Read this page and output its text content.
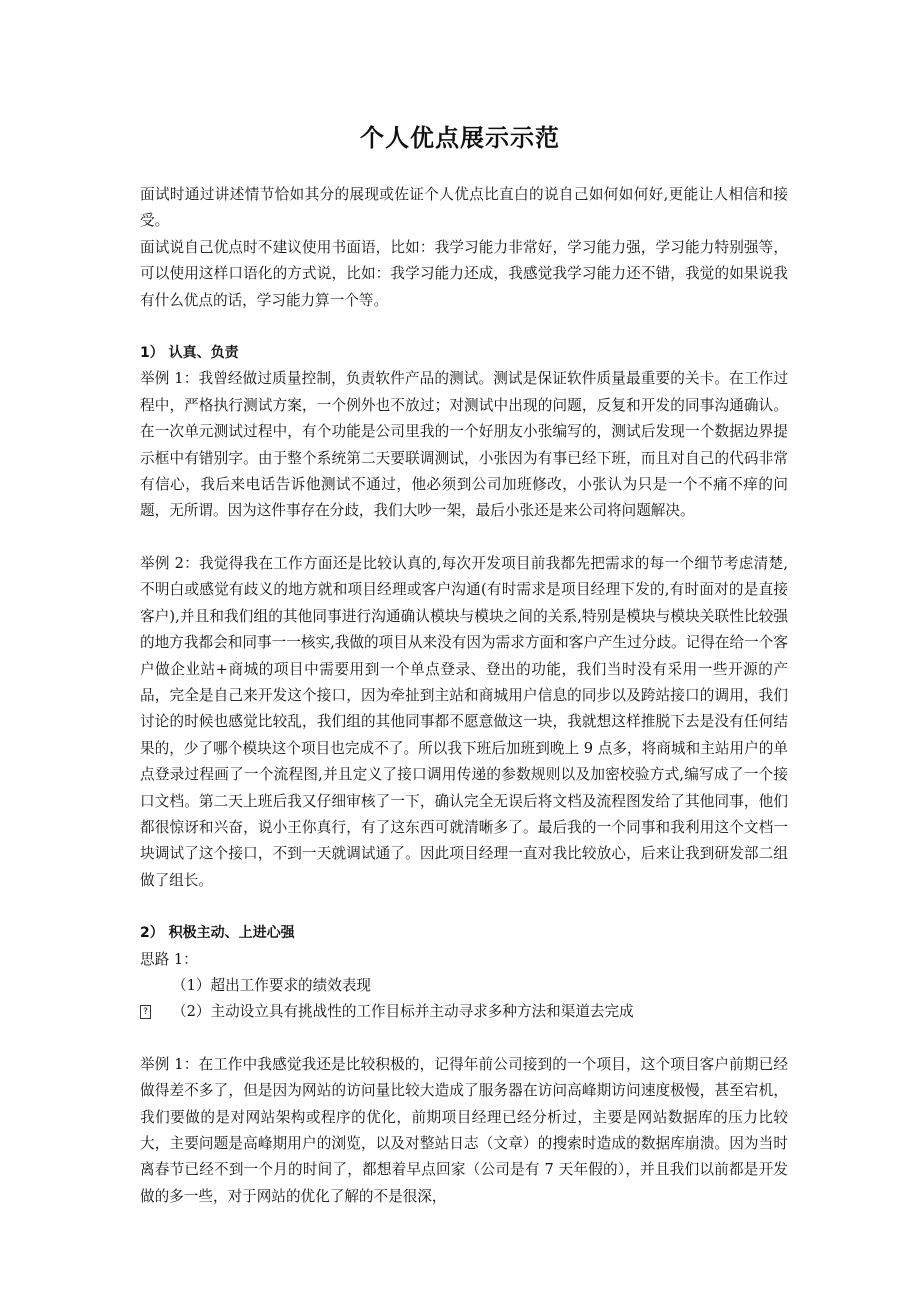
个人优点展示示范

面试时通过讲述情节恰如其分的展现或佐证个人优点比直白的说自己如何如何好,更能让人相信和接受。

面试说自己优点时不建议使用书面语，比如：我学习能力非常好，学习能力强，学习能力特别强等，可以使用这样口语化的方式说，比如：我学习能力还成，我感觉我学习能力还不错，我觉的如果说我有什么优点的话，学习能力算一个等。

1） 认真、负责

举例 1：我曾经做过质量控制，负责软件产品的测试。测试是保证软件质量最重要的关卡。在工作过程中，严格执行测试方案，一个例外也不放过；对测试中出现的问题，反复和开发的同事沟通确认。在一次单元测试过程中，有个功能是公司里我的一个好朋友小张编写的，测试后发现一个数据边界提示框中有错别字。由于整个系统第二天要联调测试，小张因为有事已经下班，而且对自己的代码非常有信心，我后来电话告诉他测试不通过，他必须到公司加班修改，小张认为只是一个不痛不痒的问题，无所谓。因为这件事存在分歧，我们大吵一架，最后小张还是来公司将问题解决。

举例 2：我觉得我在工作方面还是比较认真的,每次开发项目前我都先把需求的每一个细节考虑清楚,不明白或感觉有歧义的地方就和项目经理或客户沟通(有时需求是项目经理下发的,有时面对的是直接客户),并且和我们组的其他同事进行沟通确认模块与模块之间的关系,特别是模块与模块关联性比较强的地方我都会和同事一一核实,我做的项目从来没有因为需求方面和客户产生过分歧。记得在给一个客户做企业站+商城的项目中需要用到一个单点登录、登出的功能，我们当时没有采用一些开源的产品，完全是自己来开发这个接口，因为牵扯到主站和商城用户信息的同步以及跨站接口的调用，我们讨论的时候也感觉比较乱，我们组的其他同事都不愿意做这一块，我就想这样推脱下去是没有任何结果的，少了哪个模块这个项目也完成不了。所以我下班后加班到晚上 9 点多，将商城和主站用户的单点登录过程画了一个流程图,并且定义了接口调用传递的参数规则以及加密校验方式,编写成了一个接口文档。第二天上班后我又仔细审核了一下，确认完全无误后将文档及流程图发给了其他同事，他们都很惊讶和兴奋，说小王你真行，有了这东西可就清晰多了。最后我的一个同事和我利用这个文档一块调试了这个接口，不到一天就调试通了。因此项目经理一直对我比较放心，后来让我到研发部二组做了组长。

2） 积极主动、上进心强

思路 1：

（1）超出工作要求的绩效表现

? （2）主动设立具有挑战性的工作目标并主动寻求多种方法和渠道去完成

举例 1：在工作中我感觉我还是比较积极的，记得年前公司接到的一个项目，这个项目客户前期已经做得差不多了，但是因为网站的访问量比较大造成了服务器在访问高峰期访问速度极慢，甚至宕机，我们要做的是对网站架构或程序的优化，前期项目经理已经分析过，主要是网站数据库的压力比较大，主要问题是高峰期用户的浏览，以及对整站日志（文章）的搜索时造成的数据库崩溃。因为当时离春节已经不到一个月的时间了，都想着早点回家（公司是有 7 天年假的），并且我们以前都是开发做的多一些，对于网站的优化了解的不是很深，
